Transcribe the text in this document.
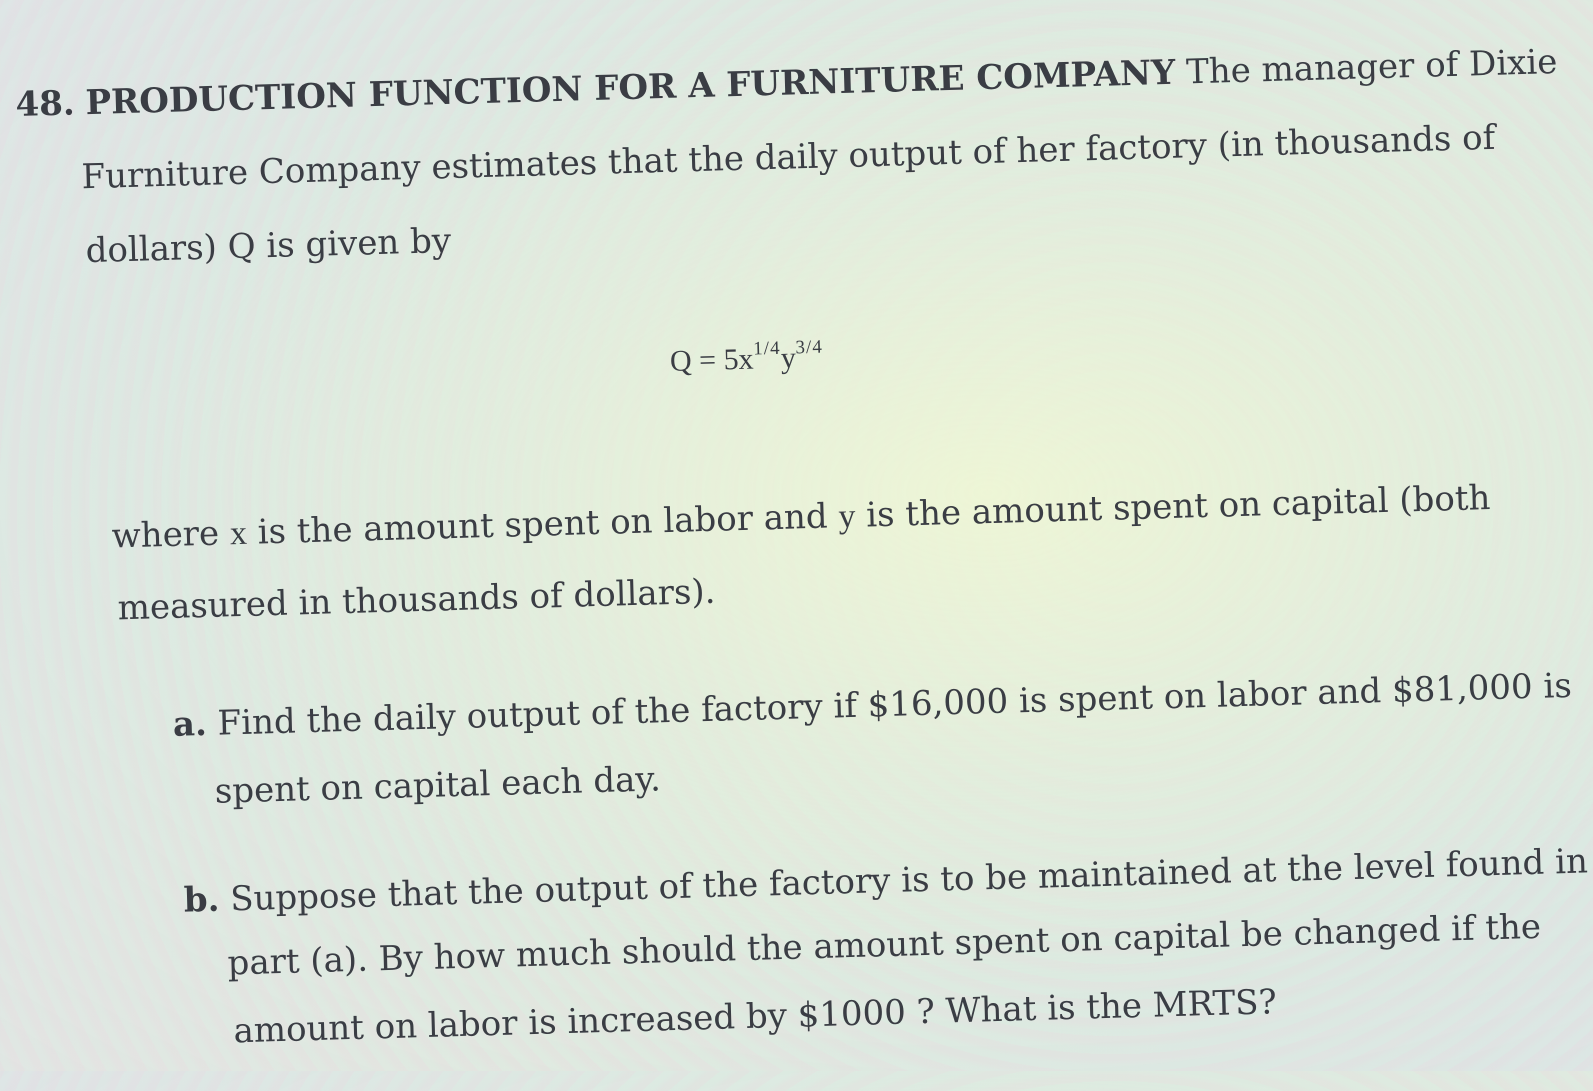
48. PRODUCTION FUNCTION FOR A FURNITURE COMPANY The manager of Dixie
Furniture Company estimates that the daily output of her factory (in thousands of
dollars) Q is given by
$Q = 5x^{1/4}y^{3/4}$
where x is the amount spent on labor and y is the amount spent on capital (both
measured in thousands of dollars).
a. Find the daily output of the factory if $16,000 is spent on labor and $81,000 is
spent on capital each day.
b. Suppose that the output of the factory is to be maintained at the level found in
part (a). By how much should the amount spent on capital be changed if the
amount on labor is increased by $1000 ? What is the MRTS?
